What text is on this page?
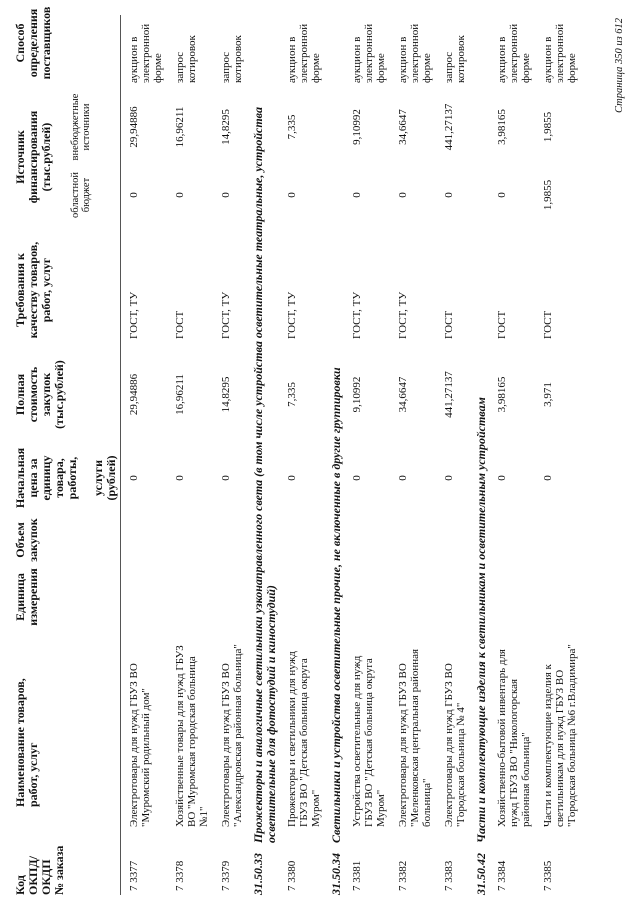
Код
ОКПД/
ОКДП
№ заказа
Наименование товаров,
работ, услуг
Единица
измерения
Объем
закупок
Начальная
цена за
единицу
товара,
работы,

услуги
(рублей)
Полная
стоимость
закупок
(тыс.рублей)
Требования к
качеству товаров,
работ, услуг
Источник
финансирования
(тыс.рублей)
областной
бюджет
внебюджетные
источники
Способ
определения
поставщиков
7 3377
Электротовары для нужд ГБУЗ ВО
"Муромский родильный дом"
0
29,94886
ГОСТ, ТУ
0
29,94886
аукцион в
электронной
форме
7 3378
Хозяйственные товары для нужд ГБУЗ
ВО "Муромская городская больница
№1"
0
16,96211
ГОСТ
0
16,96211
запрос
котировок
7 3379
Электротовары для нужд ГБУЗ ВО
"Александровская районная больница"
0
14,8295
ГОСТ, ТУ
0
14,8295
запрос
котировок
31.50.33Прожекторы и аналогичные светильники узконаправленного света (в том числе устройства осветительные театральные, устройства
осветительные для фотостудий и киностудий)
7 3380
Прожекторы и светильники для нужд
ГБУЗ ВО "Детская больница округа
Муром"
0
7,335
ГОСТ, ТУ
0
7,335
аукцион в
электронной
форме
31.50.34Светильники и устройства осветительные прочие, не включенные в другие группировки
7 3381
Устройства осветительные для нужд
ГБУЗ ВО "Детская больница округа
Муром"
0
9,10992
ГОСТ, ТУ
0
9,10992
аукцион в
электронной
форме
7 3382
Электротовары для нужд ГБУЗ ВО
"Меленковская центральная районная
больница"
0
34,6647
ГОСТ, ТУ
0
34,6647
аукцион в
электронной
форме
7 3383
Электротовары для нужд ГБУЗ ВО
"Городская больница № 4"
0
441,27137
ГОСТ
0
441,27137
запрос
котировок
31.50.42Части и комплектующие изделия к светильникам и осветительным устройствам
7 3384
Хозяйственно-бытовой инвентарь для
нужд ГБУЗ ВО "Никологорская
районная больница"
0
3,98165
ГОСТ
0
3,98165
аукцион в
электронной
форме
7 3385
Части и комплектующие изделия к
светильникам для нужд ГБУЗ ВО
"Городская больница №6 г.Владимира"
0
3,971
ГОСТ
1,9855
1,9855
аукцион в
электронной
форме	Страница 350 из 612
